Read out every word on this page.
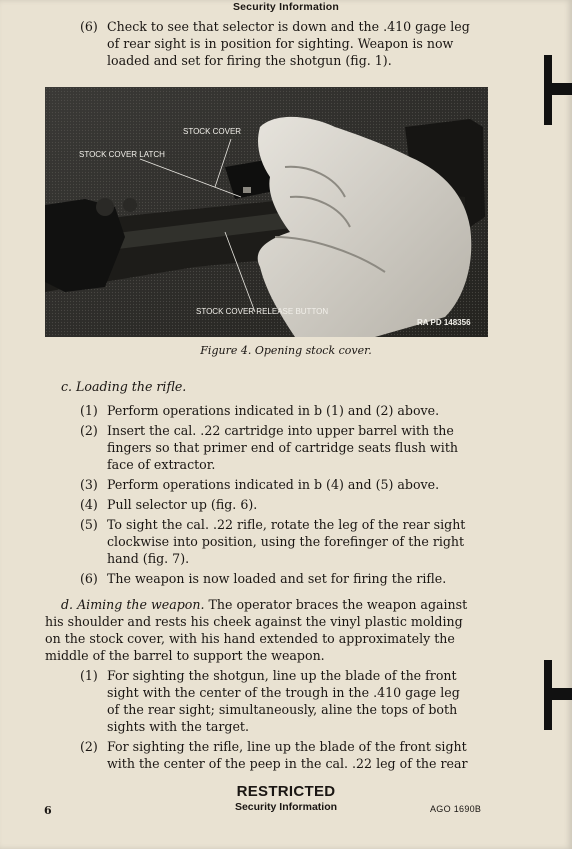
Security Information
(6) Check to see that selector is down and the .410 gage leg
of rear sight is in position for sighting. Weapon is now
loaded and set for firing the shotgun (fig. 1).
STOCK COVER
STOCK COVER LATCH
STOCK COVER RELEASE BUTTON
RA PD 148356
Figure 4. Opening stock cover.
c. Loading the rifle.
(1) Perform operations indicated in b (1) and (2) above.
(2) Insert the cal. .22 cartridge into upper barrel with the
fingers so that primer end of cartridge seats flush with
face of extractor.
(3) Perform operations indicated in b (4) and (5) above.
(4) Pull selector up (fig. 6).
(5) To sight the cal. .22 rifle, rotate the leg of the rear sight
clockwise into position, using the forefinger of the right
hand (fig. 7).
(6) The weapon is now loaded and set for firing the rifle.
d. Aiming the weapon. The operator braces the weapon against
his shoulder and rests his cheek against the vinyl plastic molding
on the stock cover, with his hand extended to approximately the
middle of the barrel to support the weapon.
(1) For sighting the shotgun, line up the blade of the front
sight with the center of the trough in the .410 gage leg
of the rear sight; simultaneously, aline the tops of both
sights with the target.
(2) For sighting the rifle, line up the blade of the front sight
with the center of the peep in the cal. .22 leg of the rear
RESTRICTED
Security Information
6	AGO 1690B
